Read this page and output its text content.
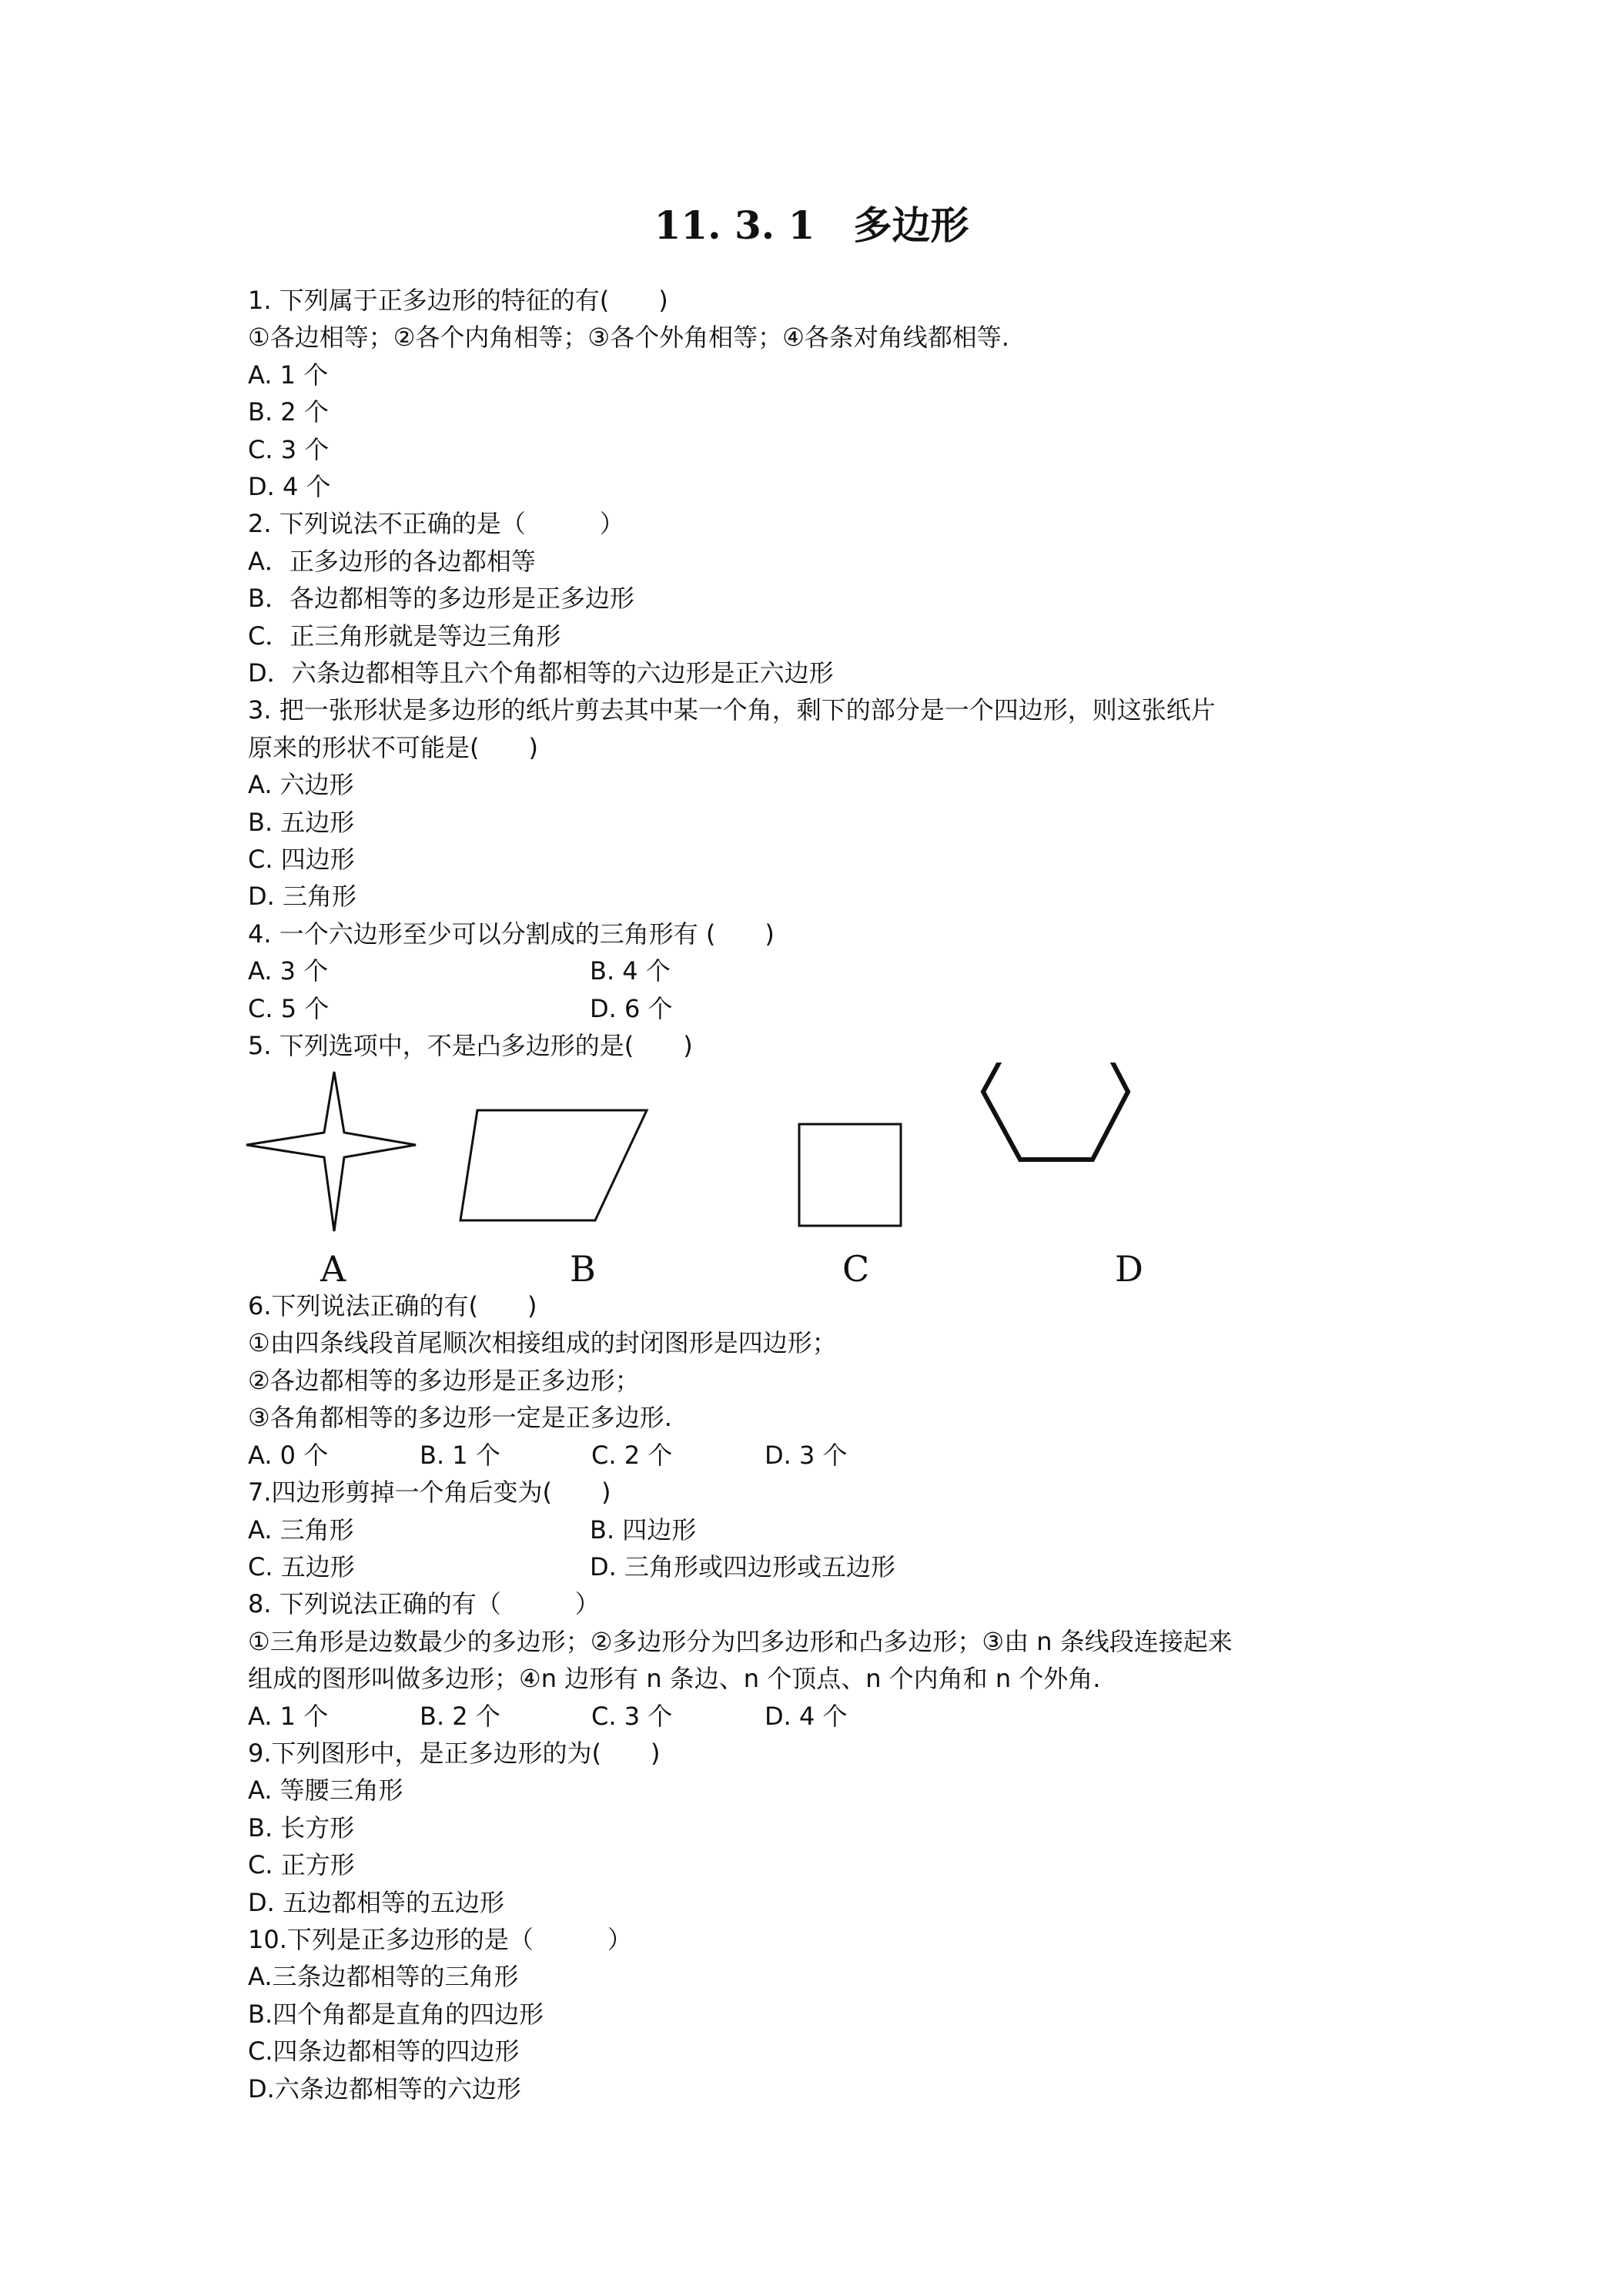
11. 3. 1　多边形
1. 下列属于正多边形的特征的有(　　)
①各边相等；②各个内角相等；③各个外角相等；④各条对角线都相等.
A. 1 个
B. 2 个
C. 3 个
D. 4 个
2. 下列说法不正确的是（　　　）
A．正多边形的各边都相等
B．各边都相等的多边形是正多边形
C．正三角形就是等边三角形
D．六条边都相等且六个角都相等的六边形是正六边形
3. 把一张形状是多边形的纸片剪去其中某一个角，剩下的部分是一个四边形，则这张纸片
原来的形状不可能是(　　)
A. 六边形
B. 五边形
C. 四边形
D. 三角形
4. 一个六边形至少可以分割成的三角形有 (　　)
A. 3 个	B. 4 个
C. 5 个	D. 6 个
5. 下列选项中，不是凸多边形的是(　　)
A	B	C	D
6.下列说法正确的有(　　)
①由四条线段首尾顺次相接组成的封闭图形是四边形；
②各边都相等的多边形是正多边形；
③各角都相等的多边形一定是正多边形.
A. 0 个	B. 1 个	C. 2 个	D. 3 个
7.四边形剪掉一个角后变为(　　)
A. 三角形	B. 四边形
C. 五边形	D. 三角形或四边形或五边形
8. 下列说法正确的有（　　　）
①三角形是边数最少的多边形；②多边形分为凹多边形和凸多边形；③由 n 条线段连接起来
组成的图形叫做多边形；④n 边形有 n 条边、n 个顶点、n 个内角和 n 个外角.
A. 1 个	B. 2 个	C. 3 个	D. 4 个
9.下列图形中，是正多边形的为(　　)
A. 等腰三角形
B. 长方形
C. 正方形
D. 五边都相等的五边形
10.下列是正多边形的是（　　　）
A.三条边都相等的三角形
B.四个角都是直角的四边形
C.四条边都相等的四边形
D.六条边都相等的六边形
